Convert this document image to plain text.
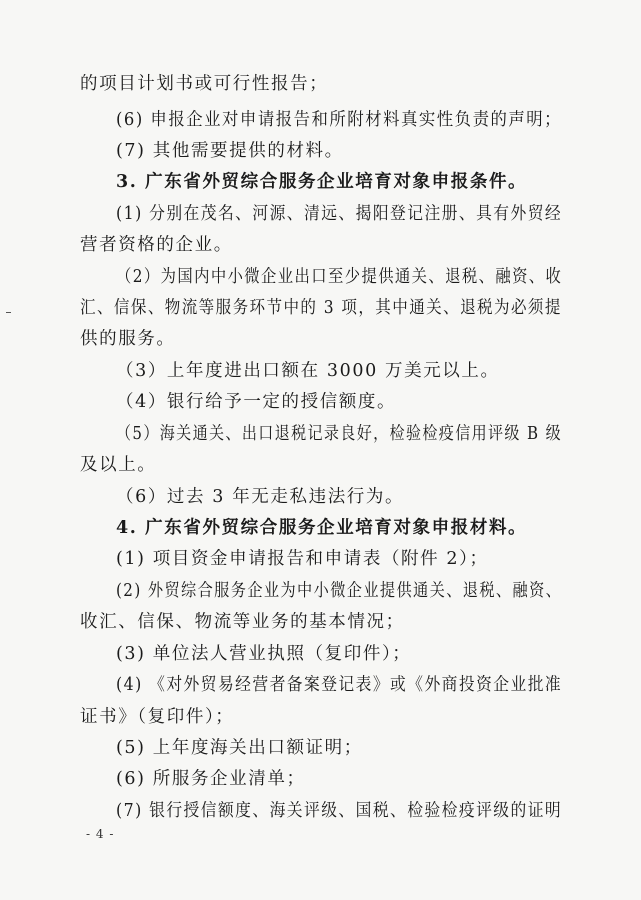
的项目计划书或可行性报告；
(6) 申报企业对申请报告和所附材料真实性负责的声明；
(7) 其他需要提供的材料。
3. 广东省外贸综合服务企业培育对象申报条件。
(1) 分别在茂名、河源、清远、揭阳登记注册、具有外贸经
营者资格的企业。
（2）为国内中小微企业出口至少提供通关、退税、融资、收
汇、信保、物流等服务环节中的 3 项，其中通关、退税为必须提
供的服务。
（3）上年度进出口额在 3000 万美元以上。
（4）银行给予一定的授信额度。
（5）海关通关、出口退税记录良好，检验检疫信用评级 B 级
及以上。
（6）过去 3 年无走私违法行为。
4. 广东省外贸综合服务企业培育对象申报材料。
(1) 项目资金申请报告和申请表（附件 2）；
(2) 外贸综合服务企业为中小微企业提供通关、退税、融资、
收汇、信保、物流等业务的基本情况；
(3) 单位法人营业执照（复印件）；
(4) 《对外贸易经营者备案登记表》或《外商投资企业批准
证书》（复印件）；
(5) 上年度海关出口额证明；
(6) 所服务企业清单；
(7) 银行授信额度、海关评级、国税、检验检疫评级的证明
- 4 -
